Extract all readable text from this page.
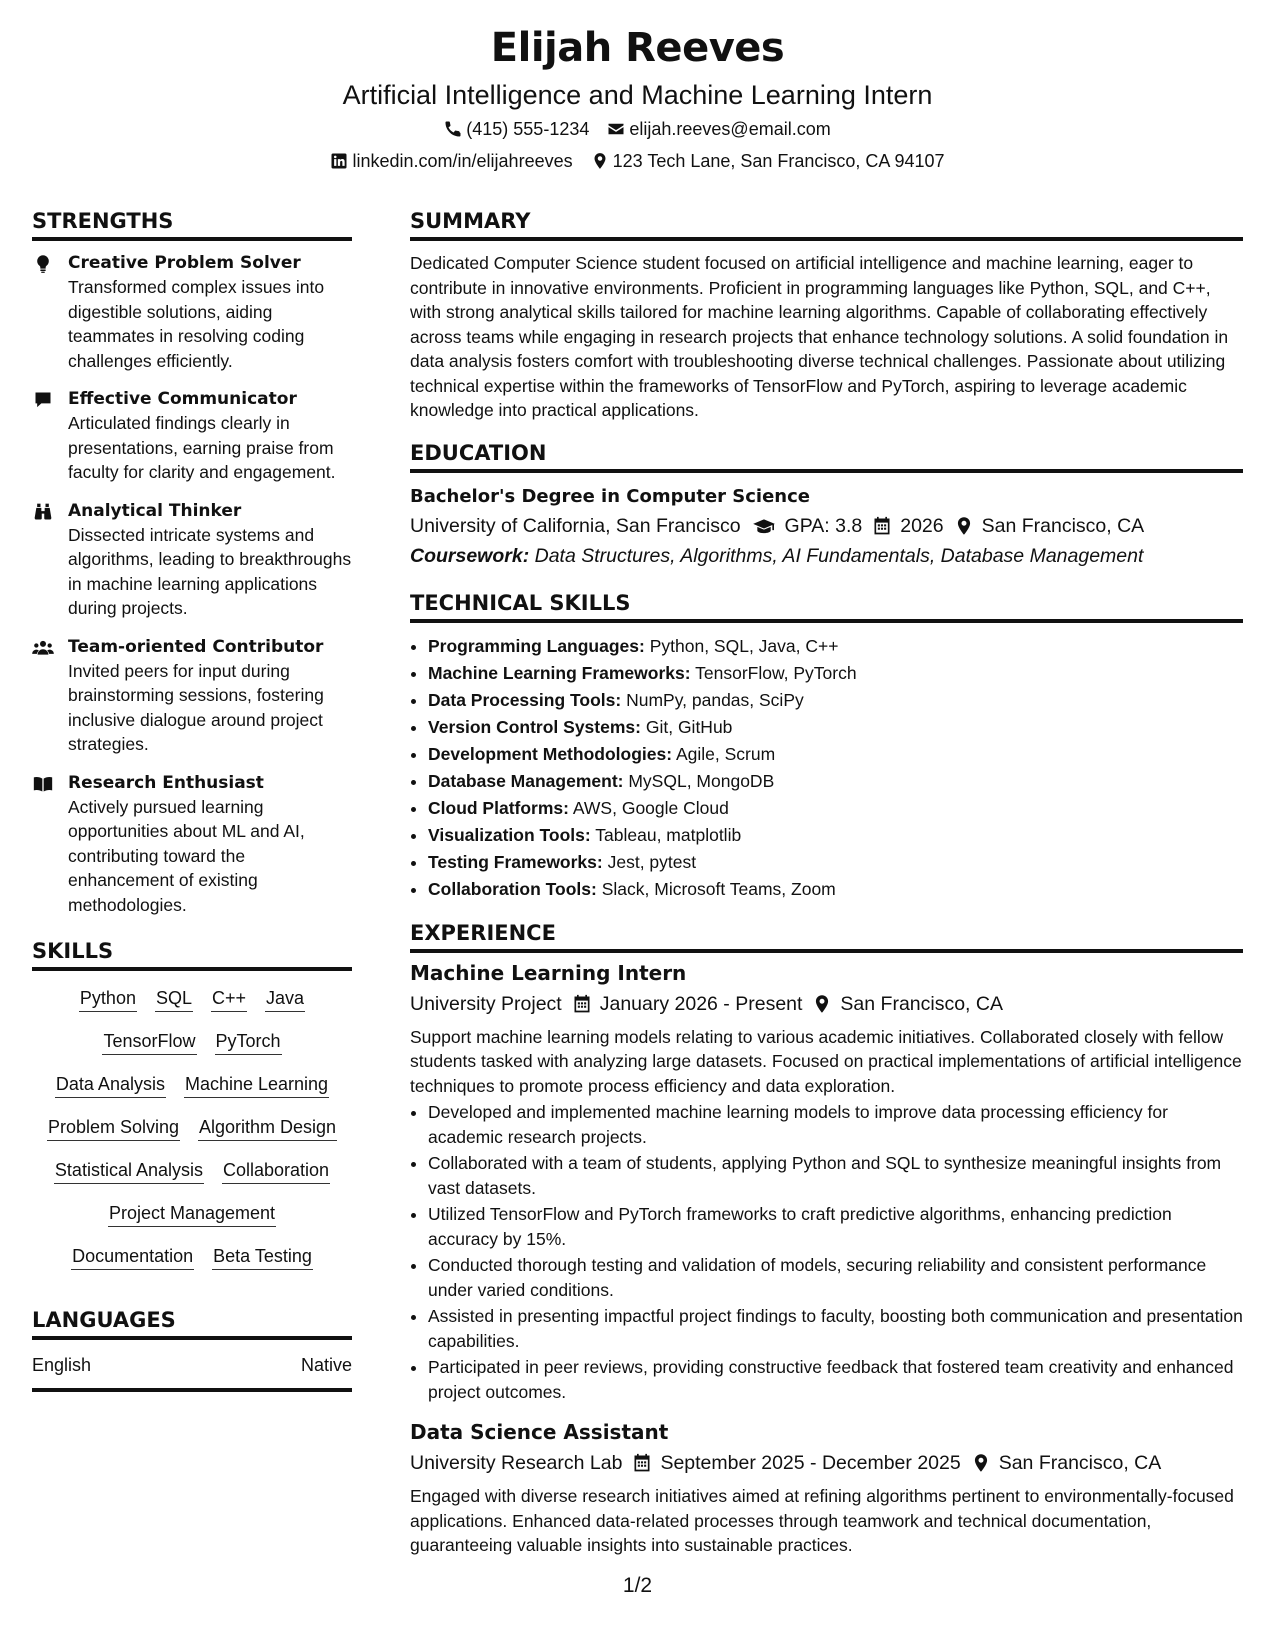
Elijah Reeves
Artificial Intelligence and Machine Learning Intern
(415) 555-1234 elijah.reeves@email.com
linkedin.com/in/elijahreeves 123 Tech Lane, San Francisco, CA 94107
STRENGTHS
Creative Problem Solver
Transformed complex issues into digestible solutions, aiding teammates in resolving coding challenges efficiently.
Effective Communicator
Articulated findings clearly in presentations, earning praise from faculty for clarity and engagement.
Analytical Thinker
Dissected intricate systems and algorithms, leading to breakthroughs in machine learning applications during projects.
Team-oriented Contributor
Invited peers for input during brainstorming sessions, fostering inclusive dialogue around project strategies.
Research Enthusiast
Actively pursued learning opportunities about ML and AI, contributing toward the enhancement of existing methodologies.
SKILLS
Python SQL C++ Java
TensorFlow PyTorch
Data Analysis Machine Learning
Problem Solving Algorithm Design
Statistical Analysis Collaboration
Project Management
Documentation Beta Testing
LANGUAGES
English	Native
SUMMARY
Dedicated Computer Science student focused on artificial intelligence and machine learning, eager to contribute in innovative environments. Proficient in programming languages like Python, SQL, and C++, with strong analytical skills tailored for machine learning algorithms. Capable of collaborating effectively across teams while engaging in research projects that enhance technology solutions. A solid foundation in data analysis fosters comfort with troubleshooting diverse technical challenges. Passionate about utilizing technical expertise within the frameworks of TensorFlow and PyTorch, aspiring to leverage academic knowledge into practical applications.
EDUCATION
Bachelor's Degree in Computer Science
University of California, San Francisco GPA: 3.8 2026 San Francisco, CA
Coursework: Data Structures, Algorithms, AI Fundamentals, Database Management
TECHNICAL SKILLS
• Programming Languages: Python, SQL, Java, C++
• Machine Learning Frameworks: TensorFlow, PyTorch
• Data Processing Tools: NumPy, pandas, SciPy
• Version Control Systems: Git, GitHub
• Development Methodologies: Agile, Scrum
• Database Management: MySQL, MongoDB
• Cloud Platforms: AWS, Google Cloud
• Visualization Tools: Tableau, matplotlib
• Testing Frameworks: Jest, pytest
• Collaboration Tools: Slack, Microsoft Teams, Zoom
EXPERIENCE
Machine Learning Intern
University Project January 2026 - Present San Francisco, CA
Support machine learning models relating to various academic initiatives. Collaborated closely with fellow students tasked with analyzing large datasets. Focused on practical implementations of artificial intelligence techniques to promote process efficiency and data exploration.
• Developed and implemented machine learning models to improve data processing efficiency for academic research projects.
• Collaborated with a team of students, applying Python and SQL to synthesize meaningful insights from vast datasets.
• Utilized TensorFlow and PyTorch frameworks to craft predictive algorithms, enhancing prediction accuracy by 15%.
• Conducted thorough testing and validation of models, securing reliability and consistent performance under varied conditions.
• Assisted in presenting impactful project findings to faculty, boosting both communication and presentation capabilities.
• Participated in peer reviews, providing constructive feedback that fostered team creativity and enhanced project outcomes.
Data Science Assistant
University Research Lab September 2025 - December 2025 San Francisco, CA
Engaged with diverse research initiatives aimed at refining algorithms pertinent to environmentally-focused applications. Enhanced data-related processes through teamwork and technical documentation, guaranteeing valuable insights into sustainable practices.
1/2
